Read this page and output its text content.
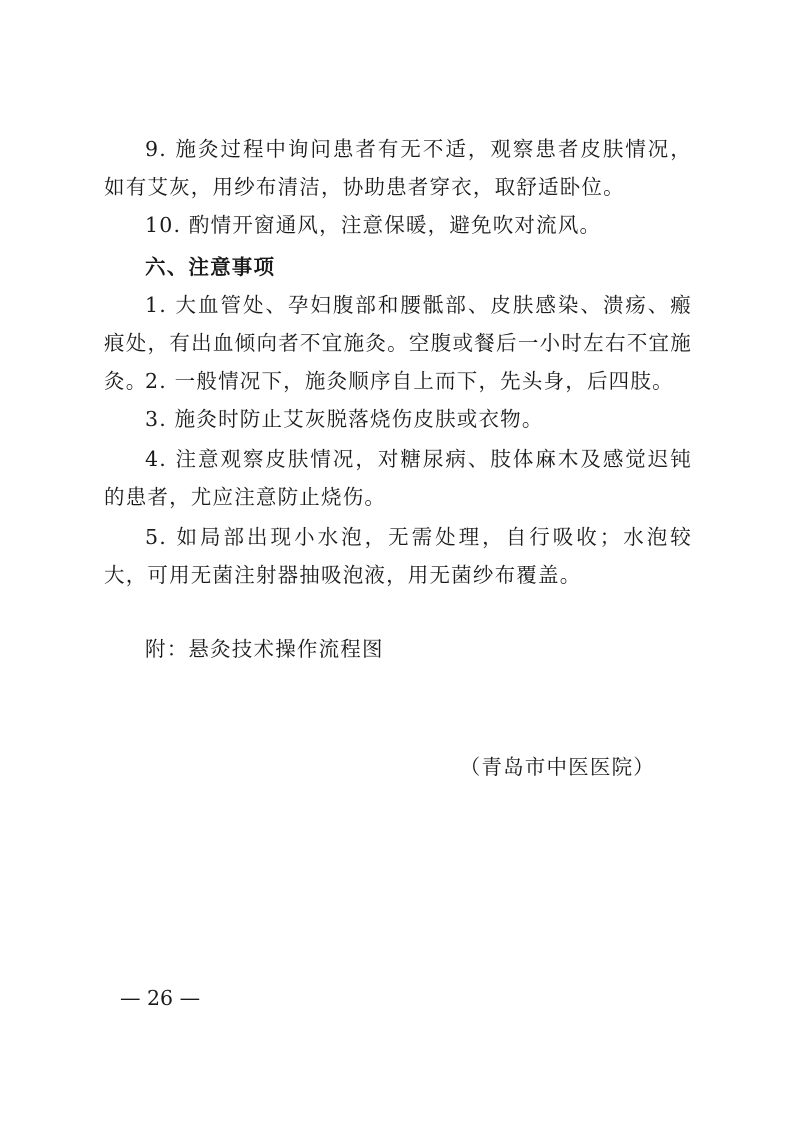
9. 施灸过程中询问患者有无不适，观察患者皮肤情况，如有艾灰，用纱布清洁，协助患者穿衣，取舒适卧位。

10. 酌情开窗通风，注意保暖，避免吹对流风。

六、注意事项

1. 大血管处、孕妇腹部和腰骶部、皮肤感染、溃疡、瘢痕处，有出血倾向者不宜施灸。空腹或餐后一小时左右不宜施灸。

2. 一般情况下，施灸顺序自上而下，先头身，后四肢。

3. 施灸时防止艾灰脱落烧伤皮肤或衣物。

4. 注意观察皮肤情况，对糖尿病、肢体麻木及感觉迟钝的患者，尤应注意防止烧伤。

5. 如局部出现小水泡，无需处理，自行吸收；水泡较大，可用无菌注射器抽吸泡液，用无菌纱布覆盖。

附：悬灸技术操作流程图

（青岛市中医医院）

— 26 —
